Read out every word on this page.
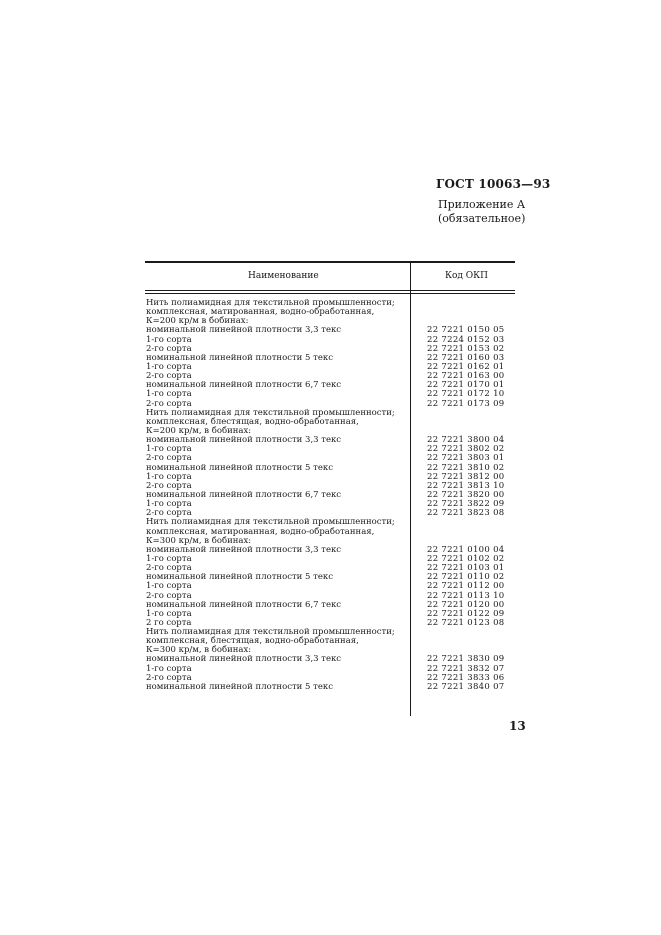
ГОСТ 10063—93
Приложение А
(обязательное)
Наименование	Код ОКП
Нить полиамидная для текстильной промышленности;
комплексная, матированная, водно-обработанная,
К=200 кр/м в бобинах:
номинальной линейной плотности 3,3 текс	22 7221 0150 05
1-го сорта	22 7224 0152 03
2-го сорта	22 7221 0153 02
номинальной линейной плотности 5 текс	22 7221 0160 03
1-го сорта	22 7221 0162 01
2-го сорта	22 7221 0163 00
номинальной линейной плотности 6,7 текс	22 7221 0170 01
1-го сорта	22 7221 0172 10
2-го сорта	22 7221 0173 09
Нить полиамидная для текстильной промышленности;
комплексная, блестящая, водно-обработанная,
К=200 кр/м, в бобинах:
номинальной линейной плотности 3,3 текс	22 7221 3800 04
1-го сорта	22 7221 3802 02
2-го сорта	22 7221 3803 01
номинальной линейной плотности 5 текс	22 7221 3810 02
1-го сорта	22 7221 3812 00
2-го сорта	22 7221 3813 10
номинальной линейной плотности 6,7 текс	22 7221 3820 00
1-го сорта	22 7221 3822 09
2-го сорта	22 7221 3823 08
Нить полиамидная для текстильной промышленности;
комплексная, матированная, водно-обработанная,
К=300 кр/м, в бобинах:
номинальной линейной плотности 3,3 текс	22 7221 0100 04
1-го сорта	22 7221 0102 02
2-го сорта	22 7221 0103 01
номинальной линейной плотности 5 текс	22 7221 0110 02
1-го сорта	22 7221 0112 00
2-го сорта	22 7221 0113 10
номинальной линейной плотности 6,7 текс	22 7221 0120 00
1-го сорта	22 7221 0122 09
2 го сорта	22 7221 0123 08
Нить полиамидная для текстильной промышленности;
комплексная, блестящая, водно-обработанная,
К=300 кр/м, в бобинах:
номинальной линейной плотности 3,3 текс	22 7221 3830 09
1-го сорта	22 7221 3832 07
2-го сорта	22 7221 3833 06
номинальной линейной плотности 5 текс	22 7221 3840 07
13
